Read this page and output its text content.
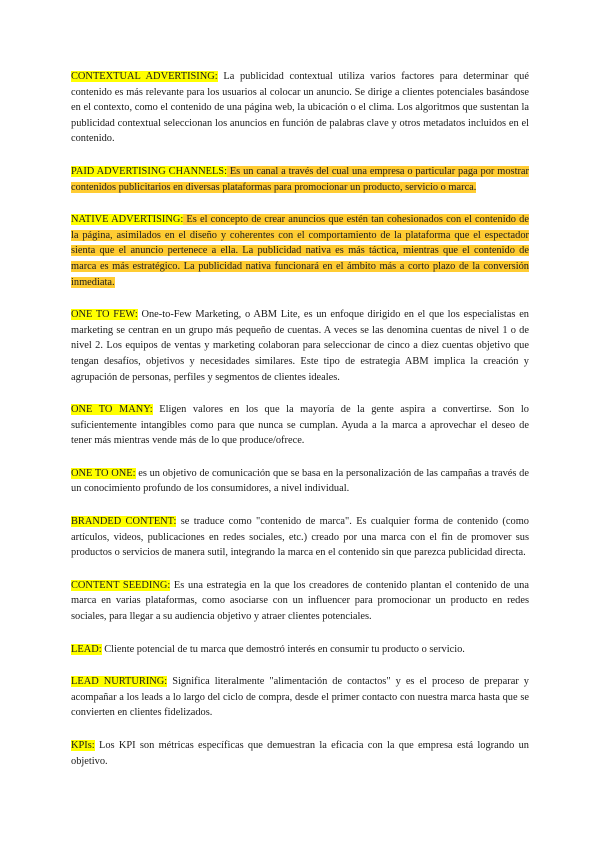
CONTEXTUAL ADVERTISING: La publicidad contextual utiliza varios factores para determinar qué contenido es más relevante para los usuarios al colocar un anuncio. Se dirige a clientes potenciales basándose en el contexto, como el contenido de una página web, la ubicación o el clima. Los algoritmos que sustentan la publicidad contextual seleccionan los anuncios en función de palabras clave y otros metadatos incluidos en el contenido.

PAID ADVERTISING CHANNELS: Es un canal a través del cual una empresa o particular paga por mostrar contenidos publicitarios en diversas plataformas para promocionar un producto, servicio o marca.

NATIVE ADVERTISING: Es el concepto de crear anuncios que estén tan cohesionados con el contenido de la página, asimilados en el diseño y coherentes con el comportamiento de la plataforma que el espectador sienta que el anuncio pertenece a ella. La publicidad nativa es más táctica, mientras que el contenido de marca es más estratégico. La publicidad nativa funcionará en el ámbito más a corto plazo de la conversión inmediata.

ONE TO FEW: One-to-Few Marketing, o ABM Lite, es un enfoque dirigido en el que los especialistas en marketing se centran en un grupo más pequeño de cuentas. A veces se las denomina cuentas de nivel 1 o de nivel 2. Los equipos de ventas y marketing colaboran para seleccionar de cinco a diez cuentas objetivo que tengan desafíos, objetivos y necesidades similares. Este tipo de estrategia ABM implica la creación y agrupación de personas, perfiles y segmentos de clientes ideales.

ONE TO MANY: Eligen valores en los que la mayoría de la gente aspira a convertirse. Son lo suficientemente intangibles como para que nunca se cumplan. Ayuda a la marca a aprovechar el deseo de tener más mientras vende más de lo que produce/ofrece.

ONE TO ONE: es un objetivo de comunicación que se basa en la personalización de las campañas a través de un conocimiento profundo de los consumidores, a nivel individual.

BRANDED CONTENT: se traduce como "contenido de marca". Es cualquier forma de contenido (como artículos, videos, publicaciones en redes sociales, etc.) creado por una marca con el fin de promover sus productos o servicios de manera sutil, integrando la marca en el contenido sin que parezca publicidad directa.

CONTENT SEEDING: Es una estrategia en la que los creadores de contenido plantan el contenido de una marca en varias plataformas, como asociarse con un influencer para promocionar un producto en redes sociales, para llegar a su audiencia objetivo y atraer clientes potenciales.

LEAD: Cliente potencial de tu marca que demostró interés en consumir tu producto o servicio.

LEAD NURTURING: Significa literalmente "alimentación de contactos" y es el proceso de preparar y acompañar a los leads a lo largo del ciclo de compra, desde el primer contacto con nuestra marca hasta que se convierten en clientes fidelizados.

KPIs: Los KPI son métricas específicas que demuestran la eficacia con la que empresa está logrando un objetivo.
